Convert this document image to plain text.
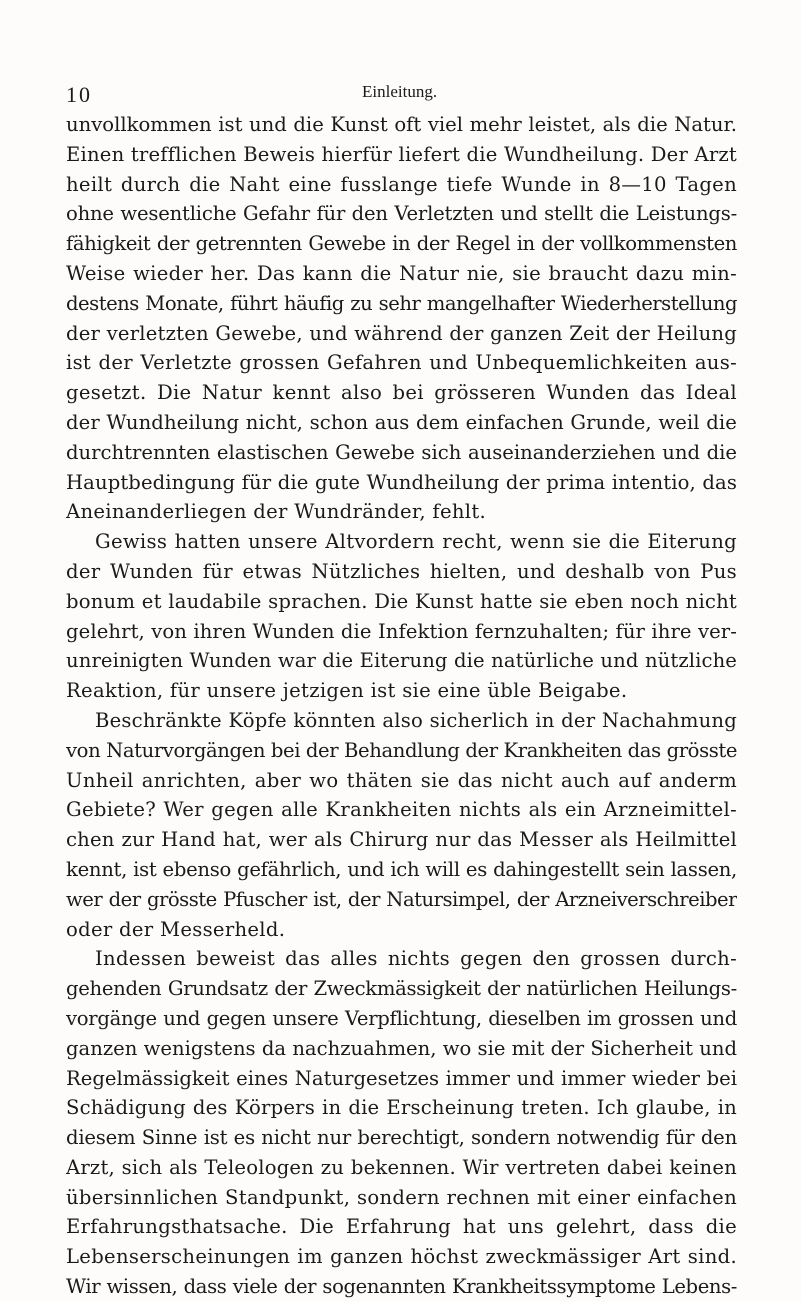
10	Einleitung.
unvollkommen ist und die Kunst oft viel mehr leistet, als die Natur.
Einen trefflichen Beweis hierfür liefert die Wundheilung. Der Arzt
heilt durch die Naht eine fusslange tiefe Wunde in 8—10 Tagen
ohne wesentliche Gefahr für den Verletzten und stellt die Leistungs-
fähigkeit der getrennten Gewebe in der Regel in der vollkommensten
Weise wieder her. Das kann die Natur nie, sie braucht dazu min-
destens Monate, führt häufig zu sehr mangelhafter Wiederherstellung
der verletzten Gewebe, und während der ganzen Zeit der Heilung
ist der Verletzte grossen Gefahren und Unbequemlichkeiten aus-
gesetzt. Die Natur kennt also bei grösseren Wunden das Ideal
der Wundheilung nicht, schon aus dem einfachen Grunde, weil die
durchtrennten elastischen Gewebe sich auseinanderziehen und die
Hauptbedingung für die gute Wundheilung der prima intentio, das
Aneinanderliegen der Wundränder, fehlt.
Gewiss hatten unsere Altvordern recht, wenn sie die Eiterung
der Wunden für etwas Nützliches hielten, und deshalb von Pus
bonum et laudabile sprachen. Die Kunst hatte sie eben noch nicht
gelehrt, von ihren Wunden die Infektion fernzuhalten; für ihre ver-
unreinigten Wunden war die Eiterung die natürliche und nützliche
Reaktion, für unsere jetzigen ist sie eine üble Beigabe.
Beschränkte Köpfe könnten also sicherlich in der Nachahmung
von Naturvorgängen bei der Behandlung der Krankheiten das grösste
Unheil anrichten, aber wo thäten sie das nicht auch auf anderm
Gebiete? Wer gegen alle Krankheiten nichts als ein Arzneimittel-
chen zur Hand hat, wer als Chirurg nur das Messer als Heilmittel
kennt, ist ebenso gefährlich, und ich will es dahingestellt sein lassen,
wer der grösste Pfuscher ist, der Natursimpel, der Arzneiverschreiber
oder der Messerheld.
Indessen beweist das alles nichts gegen den grossen durch-
gehenden Grundsatz der Zweckmässigkeit der natürlichen Heilungs-
vorgänge und gegen unsere Verpflichtung, dieselben im grossen und
ganzen wenigstens da nachzuahmen, wo sie mit der Sicherheit und
Regelmässigkeit eines Naturgesetzes immer und immer wieder bei
Schädigung des Körpers in die Erscheinung treten. Ich glaube, in
diesem Sinne ist es nicht nur berechtigt, sondern notwendig für den
Arzt, sich als Teleologen zu bekennen. Wir vertreten dabei keinen
übersinnlichen Standpunkt, sondern rechnen mit einer einfachen
Erfahrungsthatsache. Die Erfahrung hat uns gelehrt, dass die
Lebenserscheinungen im ganzen höchst zweckmässiger Art sind.
Wir wissen, dass viele der sogenannten Krankheitssymptome Lebens-
